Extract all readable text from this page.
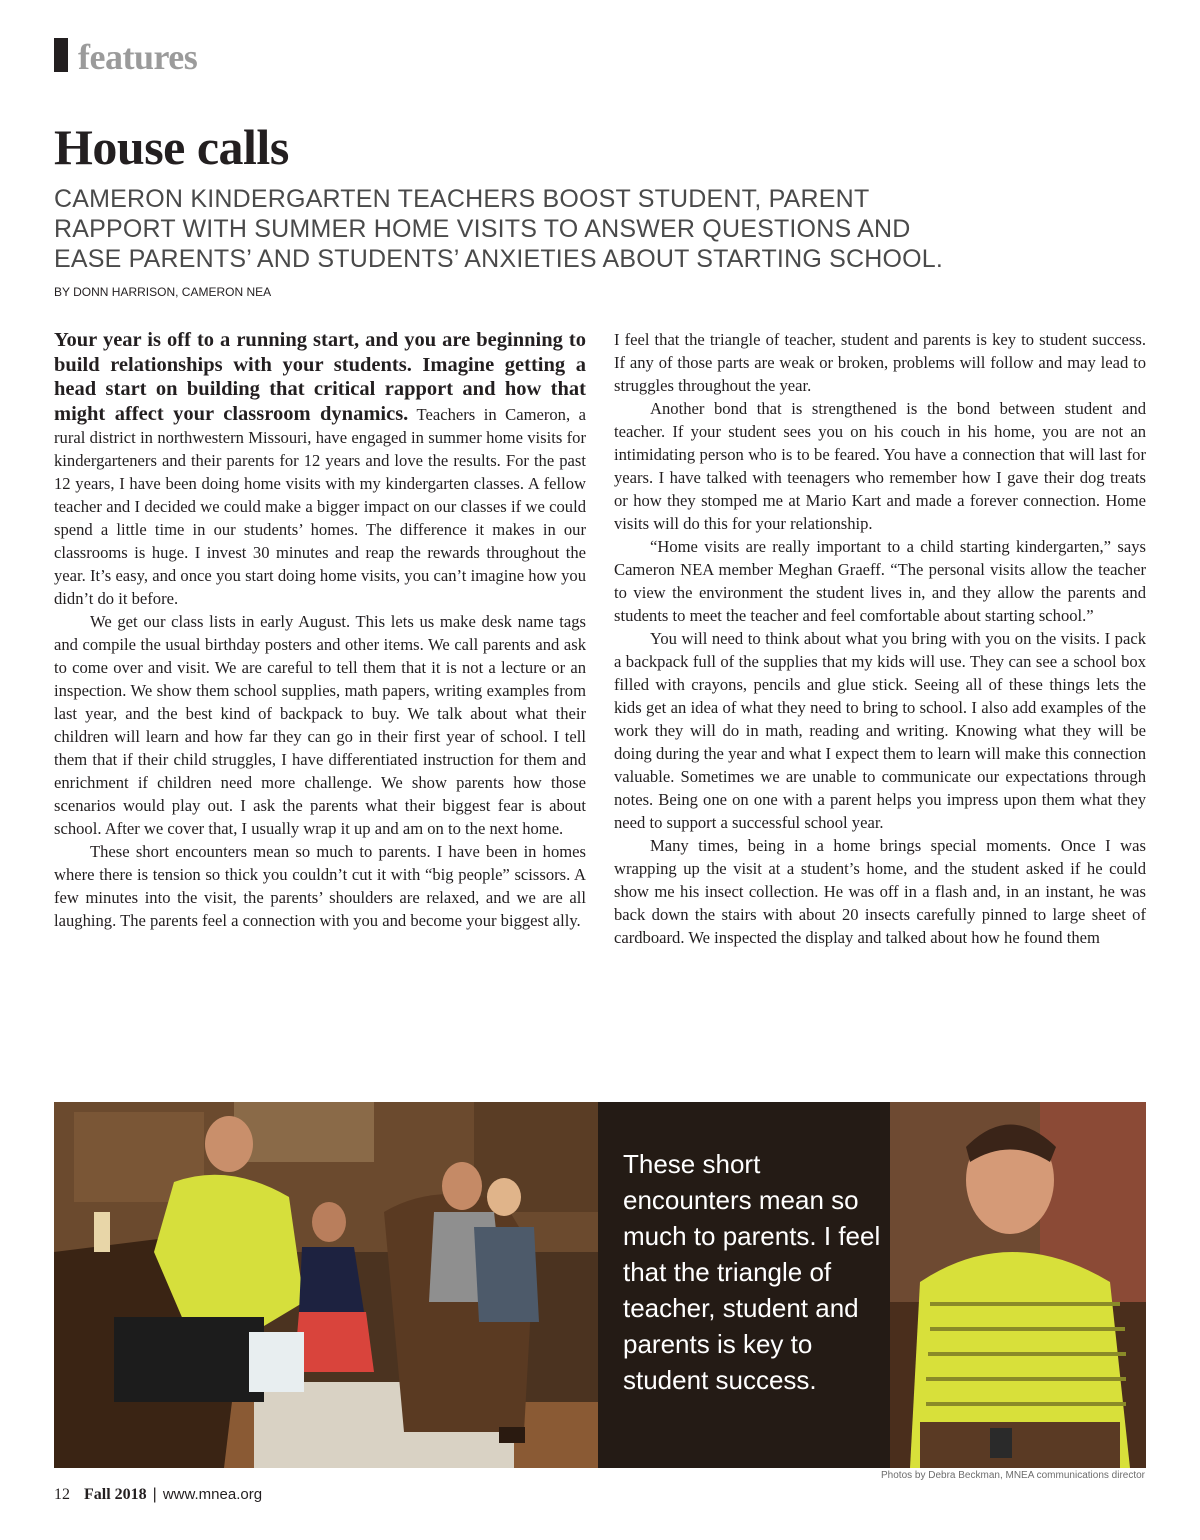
features
House calls
CAMERON KINDERGARTEN TEACHERS BOOST STUDENT, PARENT RAPPORT WITH SUMMER HOME VISITS TO ANSWER QUESTIONS AND EASE PARENTS’ AND STUDENTS’ ANXIETIES ABOUT STARTING SCHOOL.
BY DONN HARRISON, CAMERON NEA

Your year is off to a running start, and you are beginning to build relationships with your students. Imagine getting a head start on building that critical rapport and how that might affect your classroom dynamics. Teachers in Cameron, a rural district in northwestern Missouri, have engaged in summer home visits for kindergarteners and their parents for 12 years and love the results. For the past 12 years, I have been doing home visits with my kindergarten classes. A fellow teacher and I decided we could make a bigger impact on our classes if we could spend a little time in our students’ homes. The difference it makes in our classrooms is huge. I invest 30 minutes and reap the rewards throughout the year. It’s easy, and once you start doing home visits, you can’t imagine how you didn’t do it before.

We get our class lists in early August. This lets us make desk name tags and compile the usual birthday posters and other items. We call parents and ask to come over and visit. We are careful to tell them that it is not a lecture or an inspection. We show them school supplies, math papers, writing examples from last year, and the best kind of backpack to buy. We talk about what their children will learn and how far they can go in their first year of school. I tell them that if their child struggles, I have differentiated instruction for them and enrichment if children need more challenge. We show parents how those scenarios would play out. I ask the parents what their biggest fear is about school. After we cover that, I usually wrap it up and am on to the next home.

These short encounters mean so much to parents. I have been in homes where there is tension so thick you couldn’t cut it with “big people” scissors. A few minutes into the visit, the parents’ shoulders are relaxed, and we are all laughing. The parents feel a connection with you and become your biggest ally.

I feel that the triangle of teacher, student and parents is key to student success. If any of those parts are weak or broken, problems will follow and may lead to struggles throughout the year.

Another bond that is strengthened is the bond between student and teacher. If your student sees you on his couch in his home, you are not an intimidating person who is to be feared. You have a connection that will last for years. I have talked with teenagers who remember how I gave their dog treats or how they stomped me at Mario Kart and made a forever connection. Home visits will do this for your relationship.

“Home visits are really important to a child starting kindergarten,” says Cameron NEA member Meghan Graeff. “The personal visits allow the teacher to view the environment the student lives in, and they allow the parents and students to meet the teacher and feel comfortable about starting school.”

You will need to think about what you bring with you on the visits. I pack a backpack full of the supplies that my kids will use. They can see a school box filled with crayons, pencils and glue stick. Seeing all of these things lets the kids get an idea of what they need to bring to school. I also add examples of the work they will do in math, reading and writing. Knowing what they will be doing during the year and what I expect them to learn will make this connection valuable. Sometimes we are unable to communicate our expectations through notes. Being one on one with a parent helps you impress upon them what they need to support a successful school year.

Many times, being in a home brings special moments. Once I was wrapping up the visit at a student’s home, and the student asked if he could show me his insect collection. He was off in a flash and, in an instant, he was back down the stairs with about 20 insects carefully pinned to large sheet of cardboard. We inspected the display and talked about how he found them

These short encounters mean so much to parents. I feel that the triangle of teacher, student and parents is key to student success.
Photos by Debra Beckman, MNEA communications director
12 Fall 2018 | www.mnea.org
